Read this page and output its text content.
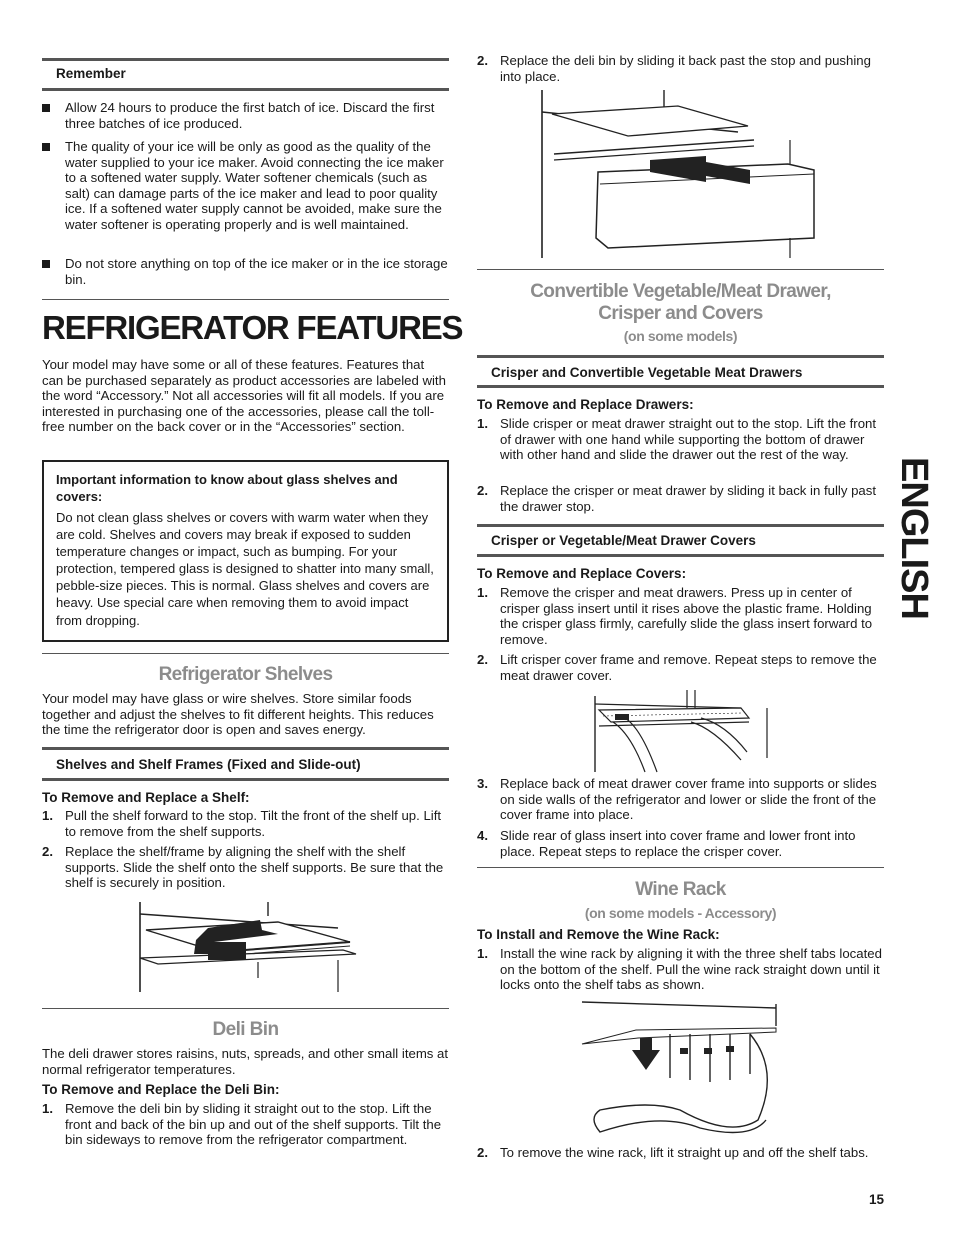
Remember
Allow 24 hours to produce the first batch of ice. Discard the first three batches of ice produced.
The quality of your ice will be only as good as the quality of the water supplied to your ice maker. Avoid connecting the ice maker to a softened water supply. Water softener chemicals (such as salt) can damage parts of the ice maker and lead to poor quality ice. If a softened water supply cannot be avoided, make sure the water softener is operating properly and is well maintained.
Do not store anything on top of the ice maker or in the ice storage bin.
REFRIGERATOR FEATURES
Your model may have some or all of these features. Features that can be purchased separately as product accessories are labeled with the word “Accessory.” Not all accessories will fit all models. If you are interested in purchasing one of the accessories, please call the toll-free number on the back cover or in the “Accessories” section.
Important information to know about glass shelves and covers:
Do not clean glass shelves or covers with warm water when they are cold. Shelves and covers may break if exposed to sudden temperature changes or impact, such as bumping. For your protection, tempered glass is designed to shatter into many small, pebble-size pieces. This is normal. Glass shelves and covers are heavy. Use special care when removing them to avoid impact from dropping.
Refrigerator Shelves
Your model may have glass or wire shelves. Store similar foods together and adjust the shelves to fit different heights. This reduces the time the refrigerator door is open and saves energy.
Shelves and Shelf Frames (Fixed and Slide-out)
To Remove and Replace a Shelf:
1. Pull the shelf forward to the stop. Tilt the front of the shelf up. Lift to remove from the shelf supports.
2. Replace the shelf/frame by aligning the shelf with the shelf supports. Slide the shelf onto the shelf supports. Be sure that the shelf is securely in position.
Deli Bin
The deli drawer stores raisins, nuts, spreads, and other small items at normal refrigerator temperatures.
To Remove and Replace the Deli Bin:
1. Remove the deli bin by sliding it straight out to the stop. Lift the front and back of the bin up and out of the shelf supports. Tilt the bin sideways to remove from the refrigerator compartment.
2. Replace the deli bin by sliding it back past the stop and pushing into place.
Convertible Vegetable/Meat Drawer,
Crisper and Covers
(on some models)
Crisper and Convertible Vegetable Meat Drawers
To Remove and Replace Drawers:
1. Slide crisper or meat drawer straight out to the stop. Lift the front of drawer with one hand while supporting the bottom of drawer with other hand and slide the drawer out the rest of the way.
2. Replace the crisper or meat drawer by sliding it back in fully past the drawer stop.
Crisper or Vegetable/Meat Drawer Covers
To Remove and Replace Covers:
1. Remove the crisper and meat drawers. Press up in center of crisper glass insert until it rises above the plastic frame. Holding the crisper glass firmly, carefully slide the glass insert forward to remove.
2. Lift crisper cover frame and remove. Repeat steps to remove the meat drawer cover.
3. Replace back of meat drawer cover frame into supports or slides on side walls of the refrigerator and lower or slide the front of the cover frame into place.
4. Slide rear of glass insert into cover frame and lower front into place. Repeat steps to replace the crisper cover.
Wine Rack
(on some models - Accessory)
To Install and Remove the Wine Rack:
1. Install the wine rack by aligning it with the three shelf tabs located on the bottom of the shelf. Pull the wine rack straight down until it locks onto the shelf tabs as shown.
2. To remove the wine rack, lift it straight up and off the shelf tabs.
ENGLISH
15
